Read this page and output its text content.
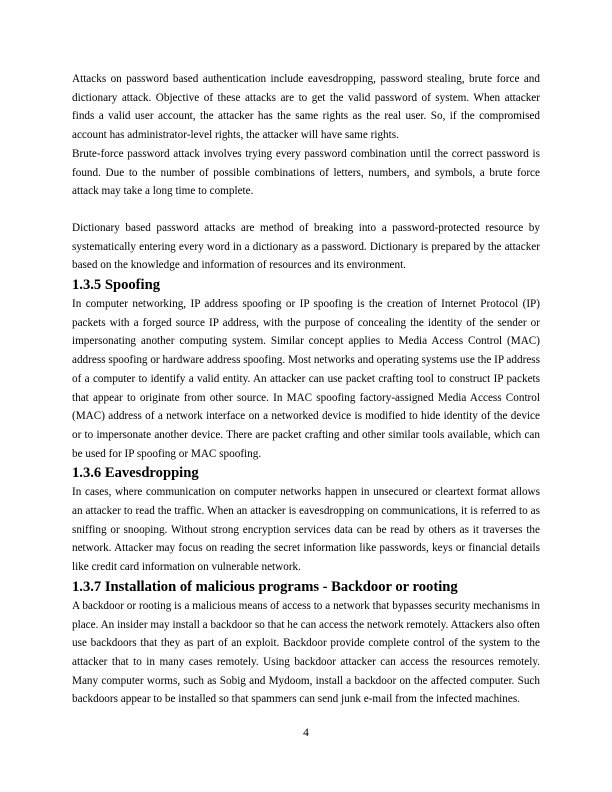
Attacks on password based authentication include eavesdropping, password stealing, brute force and dictionary attack. Objective of these attacks are to get the valid password of system. When attacker finds a valid user account, the attacker has the same rights as the real user. So, if the compromised account has administrator-level rights, the attacker will have same rights.

Brute-force password attack involves trying every password combination until the correct password is found. Due to the number of possible combinations of letters, numbers, and symbols, a brute force attack may take a long time to complete.

Dictionary based password attacks are method of breaking into a password-protected resource by systematically entering every word in a dictionary as a password. Dictionary is prepared by the attacker based on the knowledge and information of resources and its environment.

1.3.5 Spoofing

In computer networking, IP address spoofing or IP spoofing is the creation of Internet Protocol (IP) packets with a forged source IP address, with the purpose of concealing the identity of the sender or impersonating another computing system. Similar concept applies to Media Access Control (MAC) address spoofing or hardware address spoofing. Most networks and operating systems use the IP address of a computer to identify a valid entity. An attacker can use packet crafting tool to construct IP packets that appear to originate from other source. In MAC spoofing factory-assigned Media Access Control (MAC) address of a network interface on a networked device is modified to hide identity of the device or to impersonate another device. There are packet crafting and other similar tools available, which can be used for IP spoofing or MAC spoofing.

1.3.6 Eavesdropping

In cases, where communication on computer networks happen in unsecured or cleartext format allows an attacker to read the traffic. When an attacker is eavesdropping on communications, it is referred to as sniffing or snooping. Without strong encryption services data can be read by others as it traverses the network. Attacker may focus on reading the secret information like passwords, keys or financial details like credit card information on vulnerable network.

1.3.7 Installation of malicious programs - Backdoor or rooting

A backdoor or rooting is a malicious means of access to a network that bypasses security mechanisms in place. An insider may install a backdoor so that he can access the network remotely. Attackers also often use backdoors that they as part of an exploit. Backdoor provide complete control of the system to the attacker that to in many cases remotely. Using backdoor attacker can access the resources remotely. Many computer worms, such as Sobig and Mydoom, install a backdoor on the affected computer. Such backdoors appear to be installed so that spammers can send junk e-mail from the infected machines.

4
